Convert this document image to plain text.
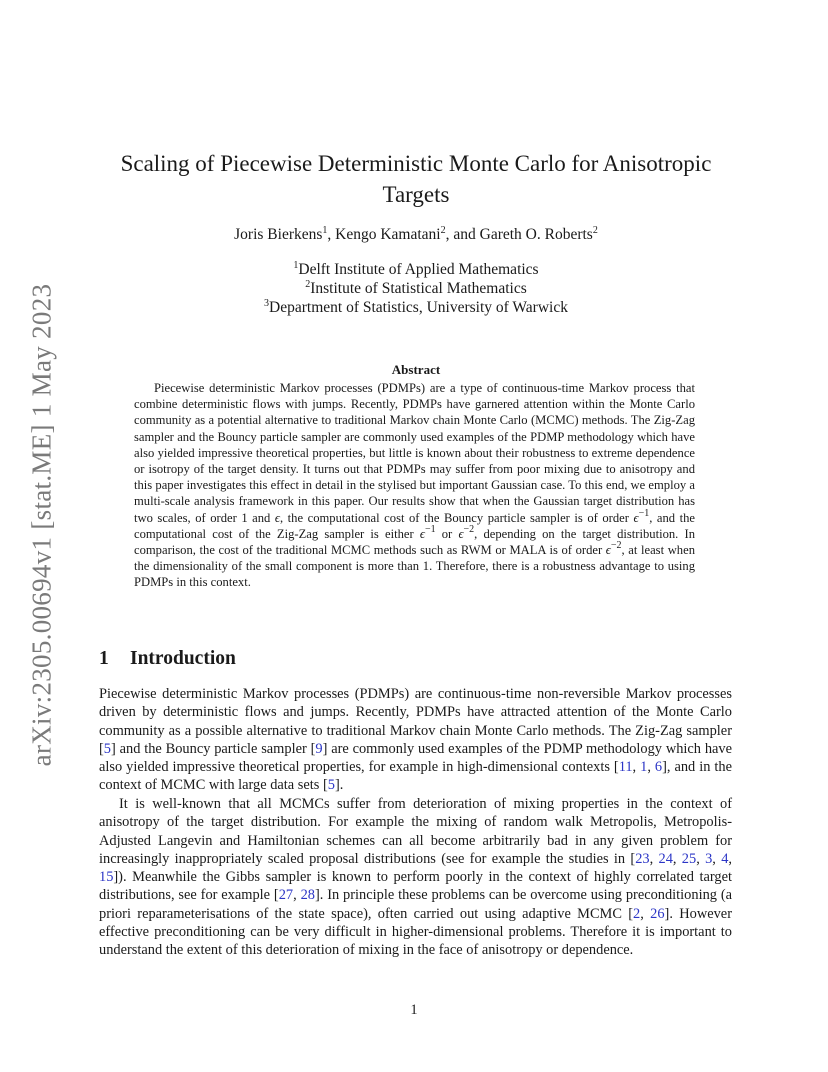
arXiv:2305.00694v1 [stat.ME] 1 May 2023
Scaling of Piecewise Deterministic Monte Carlo for Anisotropic
Targets
Joris Bierkens$^1$, Kengo Kamatani$^2$, and Gareth O. Roberts$^2$
$^1$Delft Institute of Applied Mathematics
$^2$Institute of Statistical Mathematics
$^3$Department of Statistics, University of Warwick
Abstract

Piecewise deterministic Markov processes (PDMPs) are a type of continuous-time Markov process that combine deterministic flows with jumps. Recently, PDMPs have garnered attention within the Monte Carlo community as a potential alternative to traditional Markov chain Monte Carlo (MCMC) methods. The Zig-Zag sampler and the Bouncy particle sampler are commonly used examples of the PDMP methodology which have also yielded impressive theoretical properties, but little is known about their robustness to extreme dependence or isotropy of the target density. It turns out that PDMPs may suffer from poor mixing due to anisotropy and this paper investigates this effect in detail in the stylised but important Gaussian case. To this end, we employ a multi-scale analysis framework in this paper. Our results show that when the Gaussian target distribution has two scales, of order 1 and ϵ, the computational cost of the Bouncy particle sampler is of order $\epsilon^{-1}$, and the computational cost of the Zig-Zag sampler is either $\epsilon^{-1}$ or $\epsilon^{-2}$, depending on the target distribution. In comparison, the cost of the traditional MCMC methods such as RWM or MALA is of order $\epsilon^{-2}$, at least when the dimensionality of the small component is more than 1. Therefore, there is a robustness advantage to using PDMPs in this context.

1 Introduction

Piecewise deterministic Markov processes (PDMPs) are continuous-time non-reversible Markov processes driven by deterministic flows and jumps. Recently, PDMPs have attracted attention of the Monte Carlo community as a possible alternative to traditional Markov chain Monte Carlo methods. The Zig-Zag sampler [5] and the Bouncy particle sampler [9] are commonly used examples of the PDMP methodology which have also yielded impressive theoretical properties, for example in high-dimensional contexts [11, 1, 6], and in the context of MCMC with large data sets [5].

It is well-known that all MCMCs suffer from deterioration of mixing properties in the context of anisotropy of the target distribution. For example the mixing of random walk Metropolis, Metropolis-Adjusted Langevin and Hamiltonian schemes can all become arbitrarily bad in any given problem for increasingly inappropriately scaled proposal distributions (see for example the studies in [23, 24, 25, 3, 4, 15]). Meanwhile the Gibbs sampler is known to perform poorly in the context of highly correlated target distributions, see for example [27, 28]. In principle these problems can be overcome using preconditioning (a priori reparameterisations of the state space), often carried out using adaptive MCMC [2, 26]. However effective preconditioning can be very difficult in higher-dimensional problems. Therefore it is important to understand the extent of this deterioration of mixing in the face of anisotropy or dependence.

1
